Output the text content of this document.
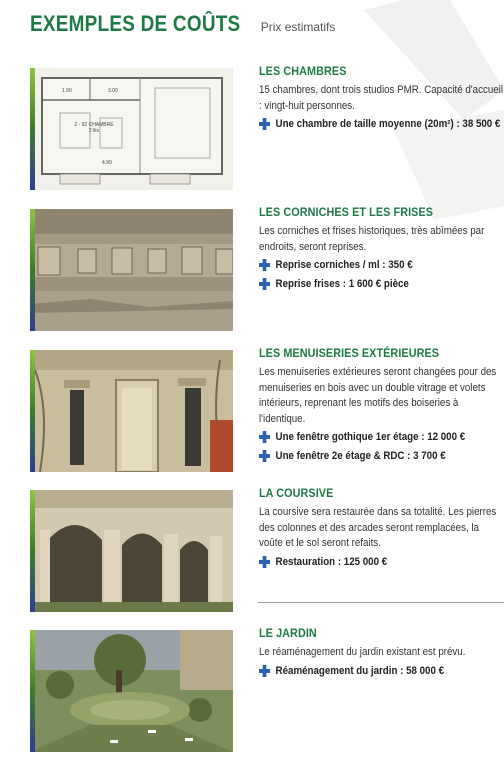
EXEMPLES DE COÛTS Prix estimatifs
2 - 92 CHAMBRE 2 lits
1.90	3.00
4.99

LES CHAMBRES

15 chambres, dont trois studios PMR. Capacité d'accueil : vingt-huit personnes.

Une chambre de taille moyenne (20m²) : 38 500 €

LES CORNICHES ET LES FRISES

Les corniches et frises historiques, très abîmées par endroits, seront reprises.

Reprise corniches / ml : 350 €
Reprise frises : 1 600 € pièce

LES MENUISERIES EXTÉRIEURES

Les menuiseries extérieures seront changées pour des menuiseries en bois avec un double vitrage et volets intérieurs, reprenant les motifs des boiseries à l'identique.

Une fenêtre gothique 1er étage : 12 000 €
Une fenêtre 2e étage & RDC : 3 700 €

LA COURSIVE

La coursive sera restaurée dans sa totalité. Les pierres des colonnes et des arcades seront remplacées, la voûte et le sol seront refaits.

Restauration : 125 000 €

LE JARDIN

Le réaménagement du jardin existant est prévu.

Réaménagement du jardin : 58 000 €
